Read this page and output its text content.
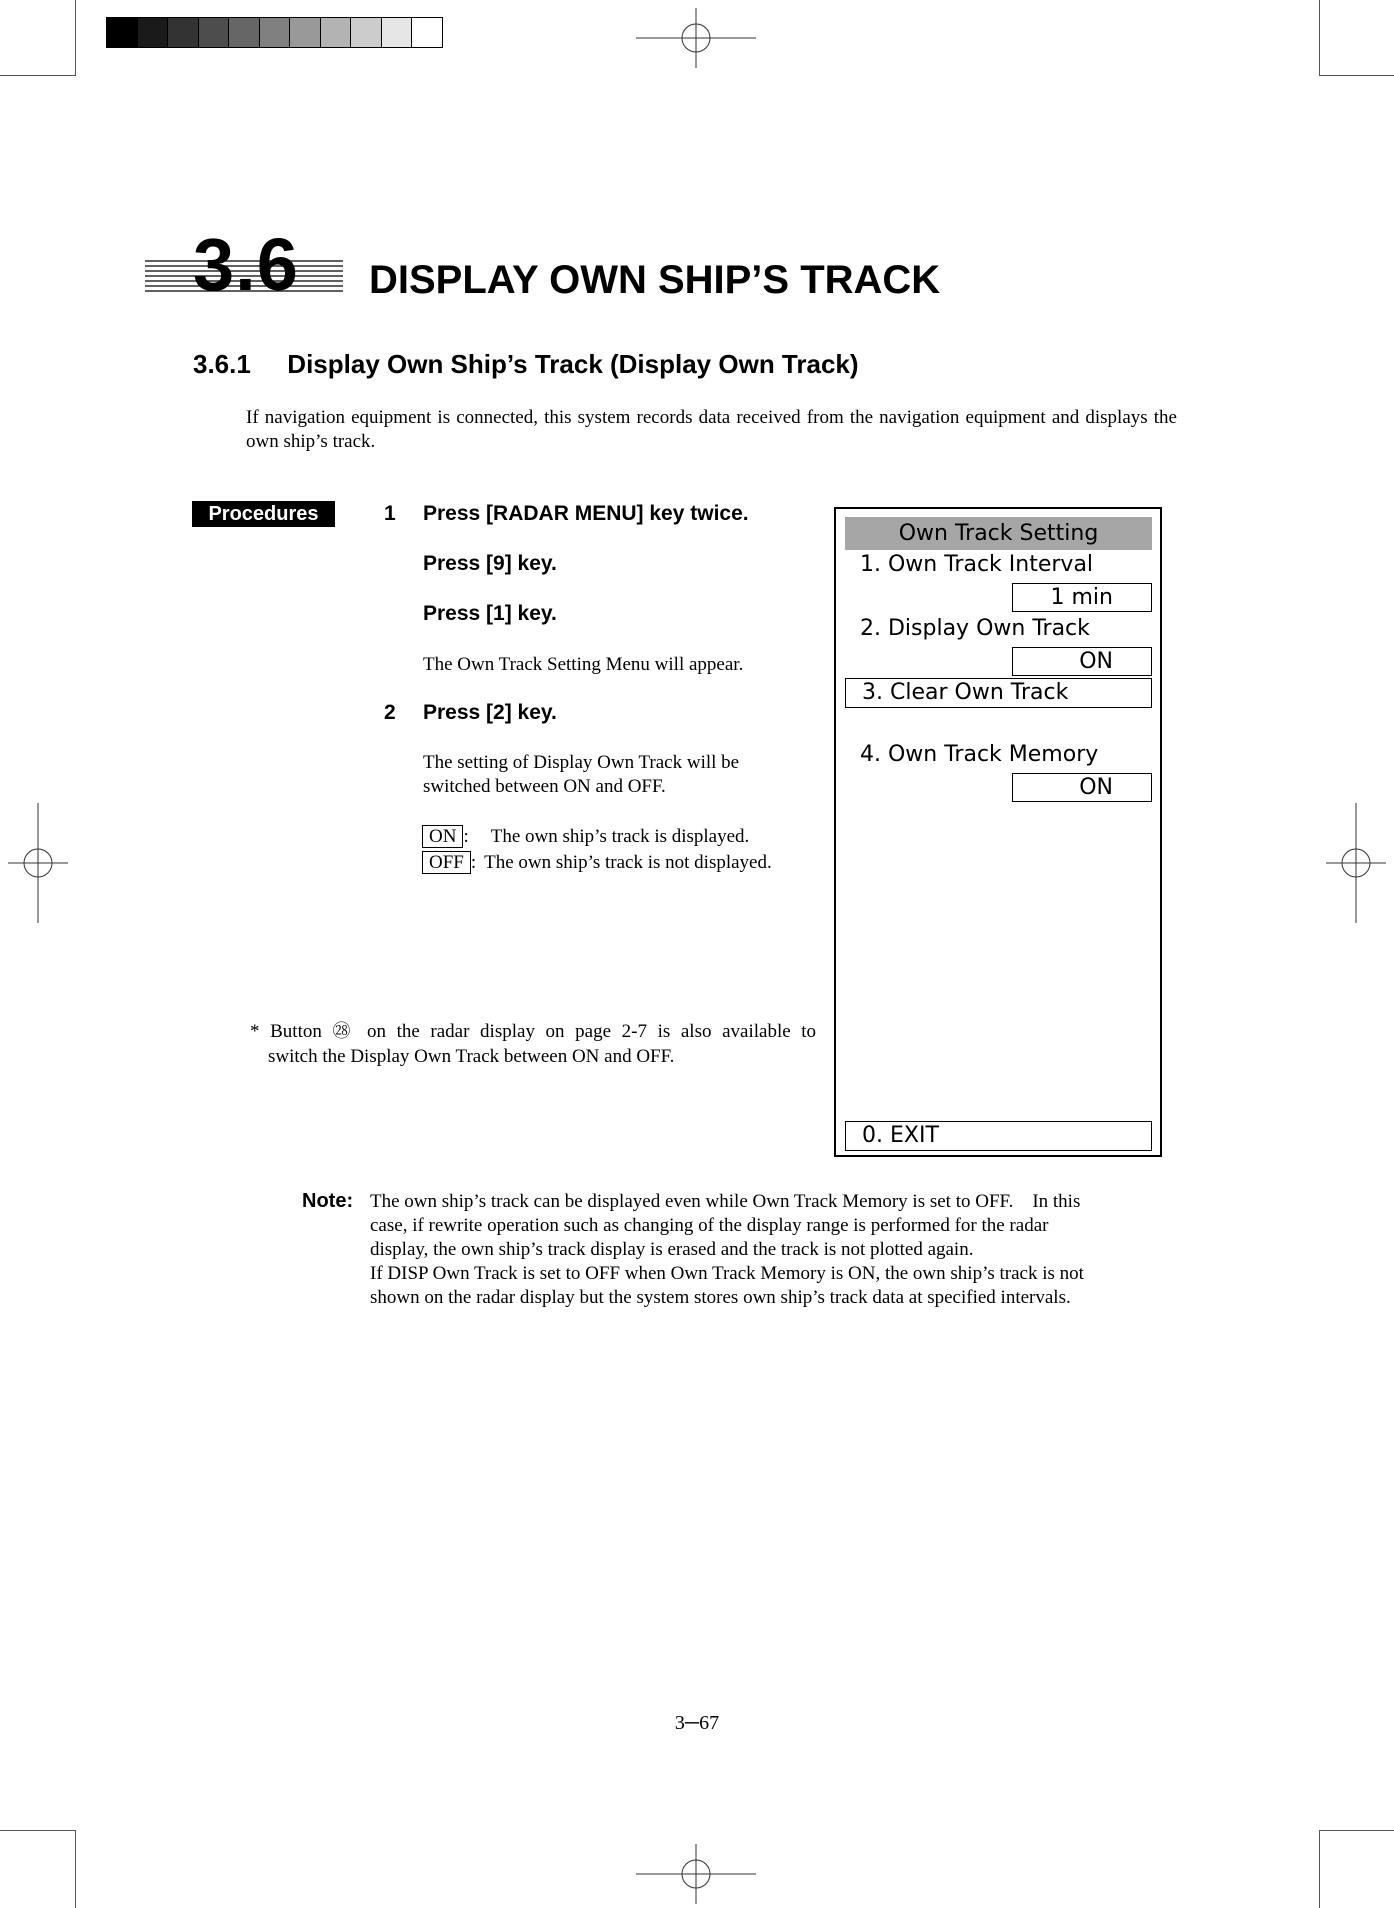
3.6 DISPLAY OWN SHIP’S TRACK
3.6.1 Display Own Ship’s Track (Display Own Track)
If navigation equipment is connected, this system records data received from the navigation equipment and displays the own ship’s track.
Procedures	1 Press [RADAR MENU] key twice.
Press [9] key.
Press [1] key.
The Own Track Setting Menu will appear.
2 Press [2] key.
The setting of Display Own Track will be switched between ON and OFF.
ON : The own ship’s track is displayed.
OFF : The own ship’s track is not displayed.
* Button ㉘ on the radar display on page 2-7 is also available to
switch the Display Own Track between ON and OFF.
Own Track Setting
1. Own Track Interval
1 min
2. Display Own Track
ON
3. Clear Own Track
4. Own Track Memory
ON
0. EXIT
Note: The own ship’s track can be displayed even while Own Track Memory is set to OFF.    In this
case, if rewrite operation such as changing of the display range is performed for the radar
display, the own ship’s track display is erased and the track is not plotted again.
If DISP Own Track is set to OFF when Own Track Memory is ON, the own ship’s track is not
shown on the radar display but the system stores own ship’s track data at specified intervals.
3─67
